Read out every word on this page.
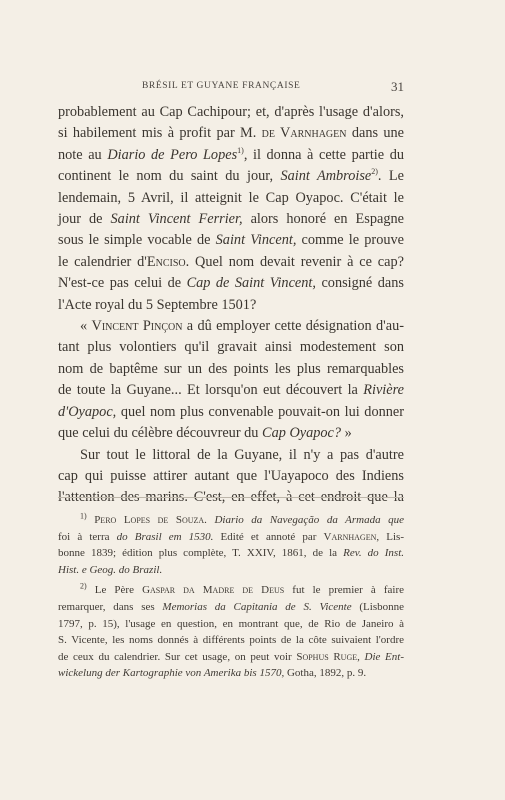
BRÉSIL ET GUYANE FRANÇAISE	31

probablement au Cap Cachipour; et, d'après l'usage d'alors,
si habilement mis à profit par M. de Varnhagen dans une
note au Diario de Pero Lopes$^{1)}$, il donna à cette partie du
continent le nom du saint du jour, Saint Ambroise$^{2)}$. Le
lendemain, 5 Avril, il atteignit le Cap Oyapoc. C'était le
jour de Saint Vincent Ferrier, alors honoré en Espagne
sous le simple vocable de Saint Vincent, comme le prouve
le calendrier d'Enciso. Quel nom devait revenir à ce cap?
N'est-ce pas celui de Cap de Saint Vincent, consigné dans
l'Acte royal du 5 Septembre 1501?

« Vincent Pinçon a dû employer cette désignation d'au-
tant plus volontiers qu'il gravait ainsi modestement son
nom de baptême sur un des points les plus remarquables
de toute la Guyane... Et lorsqu'on eut découvert la Rivière
d'Oyapoc, quel nom plus convenable pouvait-on lui donner
que celui du célèbre découvreur du Cap Oyapoc? »

Sur tout le littoral de la Guyane, il n'y a pas d'autre
cap qui puisse attirer autant que l'Uayapoco des Indiens
l'attention des marins. C'est, en effet, à cet endroit que la

$^{1)}$ Pero Lopes de Souza. Diario da Navegação da Armada que
foi à terra do Brasil em 1530. Edité et annoté par Varnhagen, Lis-
bonne 1839; édition plus complète, T. XXIV, 1861, de la Rev. do Inst.
Hist. e Geog. do Brazil.
$^{2)}$ Le Père Gaspar da Madre de Deus fut le premier à faire
remarquer, dans ses Memorias da Capitania de S. Vicente (Lisbonne
1797, p. 15), l'usage en question, en montrant que, de Rio de Janeiro à
S. Vicente, les noms donnés à différents points de la côte suivaient l'ordre
de ceux du calendrier. Sur cet usage, on peut voir Sophus Ruge, Die Ent-
wickelung der Kartographie von Amerika bis 1570, Gotha, 1892, p. 9.
